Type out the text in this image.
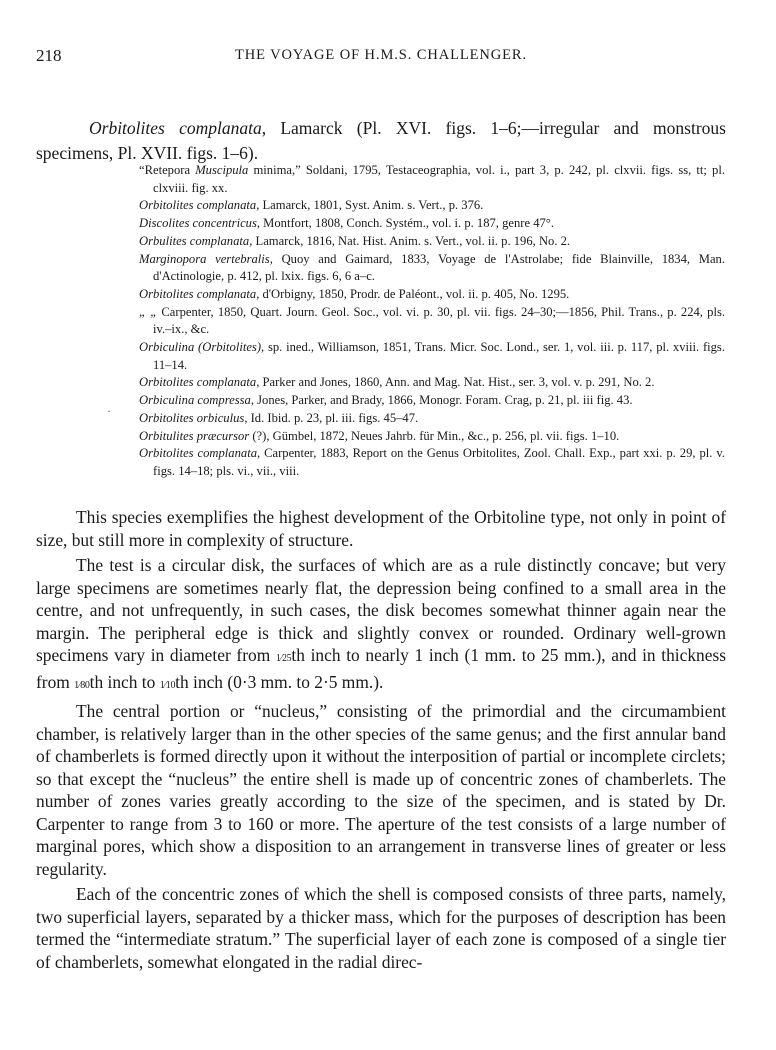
218	THE VOYAGE OF H.M.S. CHALLENGER.

Orbitolites complanata, Lamarck (Pl. XVI. figs. 1–6;—irregular and monstrous specimens, Pl. XVII. figs. 1–6).

“Retepora Muscipula minima,” Soldani, 1795, Testaceographia, vol. i., part 3, p. 242, pl. clxvii. figs. ss, tt; pl. clxviii. fig. xx.
Orbitolites complanata, Lamarck, 1801, Syst. Anim. s. Vert., p. 376.
Discolites concentricus, Montfort, 1808, Conch. Systém., vol. i. p. 187, genre 47°.
Orbulites complanata, Lamarck, 1816, Nat. Hist. Anim. s. Vert., vol. ii. p. 196, No. 2.
Marginopora vertebralis, Quoy and Gaimard, 1833, Voyage de l'Astrolabe; fide Blainville, 1834, Man. d'Actinologie, p. 412, pl. lxix. figs. 6, 6 a–c.
Orbitolites complanata, d'Orbigny, 1850, Prodr. de Paléont., vol. ii. p. 405, No. 1295.
„ „ Carpenter, 1850, Quart. Journ. Geol. Soc., vol. vi. p. 30, pl. vii. figs. 24–30;—1856, Phil. Trans., p. 224, pls. iv.–ix., &c.
Orbiculina (Orbitolites), sp. ined., Williamson, 1851, Trans. Micr. Soc. Lond., ser. 1, vol. iii. p. 117, pl. xviii. figs. 11–14.
Orbitolites complanata, Parker and Jones, 1860, Ann. and Mag. Nat. Hist., ser. 3, vol. v. p. 291, No. 2.
Orbiculina compressa, Jones, Parker, and Brady, 1866, Monogr. Foram. Crag, p. 21, pl. iii fig. 43.
Orbitolites orbiculus, Id. Ibid. p. 23, pl. iii. figs. 45–47.
Orbitulites præcursor (?), Gümbel, 1872, Neues Jahrb. für Min., &c., p. 256, pl. vii. figs. 1–10.
Orbitolites complanata, Carpenter, 1883, Report on the Genus Orbitolites, Zool. Chall. Exp., part xxi. p. 29, pl. v. figs. 14–18; pls. vi., vii., viii.
·

This species exemplifies the highest development of the Orbitoline type, not only in point of size, but still more in complexity of structure.

The test is a circular disk, the surfaces of which are as a rule distinctly concave; but very large specimens are sometimes nearly flat, the depression being confined to a small area in the centre, and not unfrequently, in such cases, the disk becomes somewhat thinner again near the margin. The peripheral edge is thick and slightly convex or rounded. Ordinary well-grown specimens vary in diameter from 1⁄25th inch to nearly 1 inch (1 mm. to 25 mm.), and in thickness from 1⁄80th inch to 1⁄10th inch (0·3 mm. to 2·5 mm.).

The central portion or “nucleus,” consisting of the primordial and the circumambient chamber, is relatively larger than in the other species of the same genus; and the first annular band of chamberlets is formed directly upon it without the interposition of partial or incomplete circlets; so that except the “nucleus” the entire shell is made up of concentric zones of chamberlets. The number of zones varies greatly according to the size of the specimen, and is stated by Dr. Carpenter to range from 3 to 160 or more. The aperture of the test consists of a large number of marginal pores, which show a disposition to an arrangement in transverse lines of greater or less regularity.

Each of the concentric zones of which the shell is composed consists of three parts, namely, two superficial layers, separated by a thicker mass, which for the purposes of description has been termed the “intermediate stratum.” The superficial layer of each zone is composed of a single tier of chamberlets, somewhat elongated in the radial direc-
